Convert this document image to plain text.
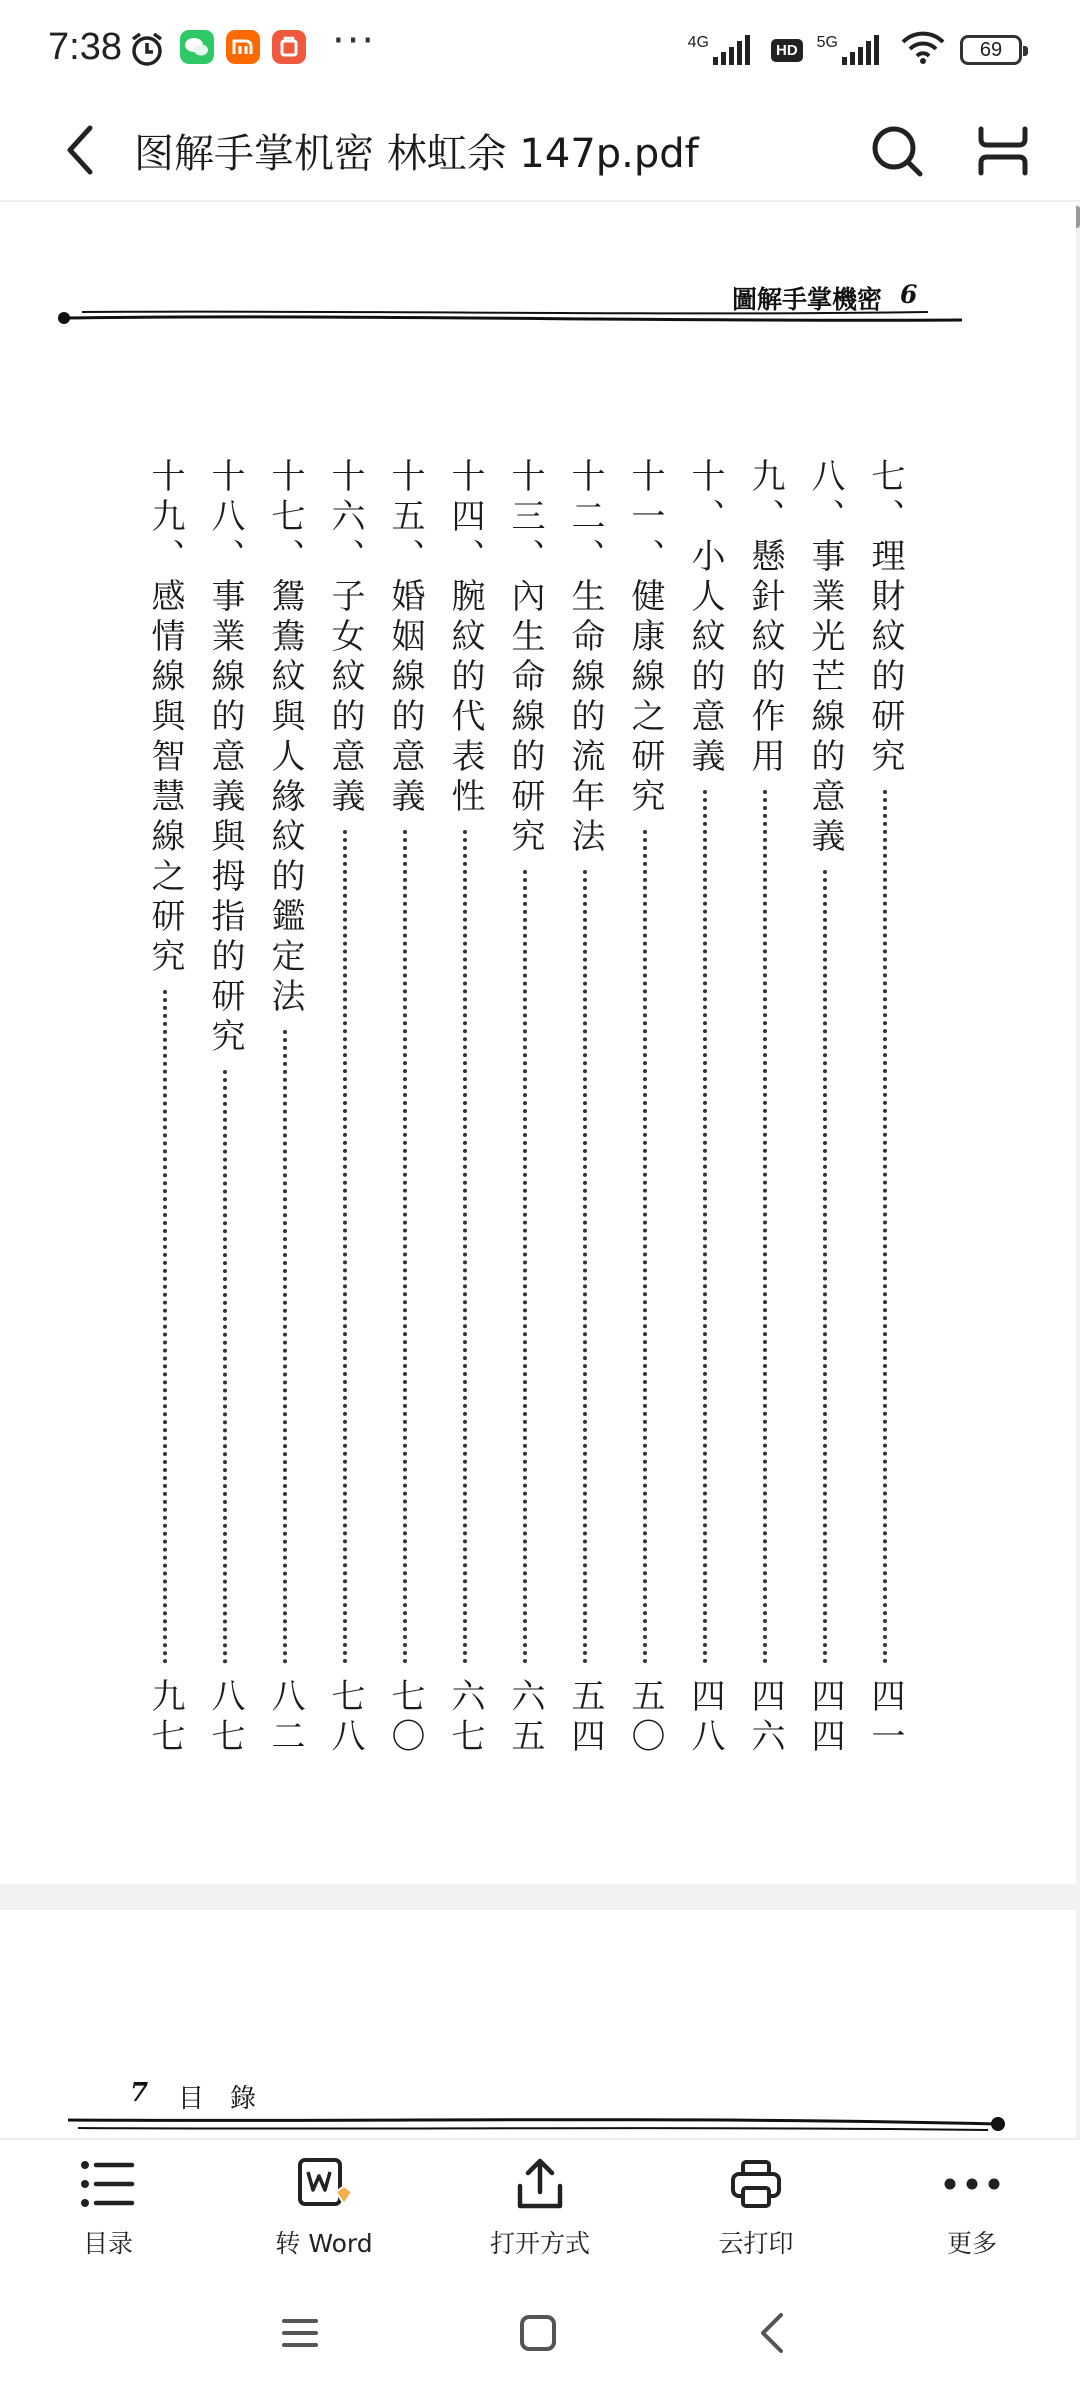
7:38	···	4G	HD	5G	69
图解手掌机密 林虹余 147p.pdf
圖解手掌機密 6
七、理財紋的研究
四一
八、事業光芒線的意義
四四
九、懸針紋的作用
四六
十、小人紋的意義
四八
十一、健康線之研究
五〇
十二、生命線的流年法
五四
十三、內生命線的研究
六五
十四、腕紋的代表性
六七
十五、婚姻線的意義
七〇
十六、子女紋的意義
七八
十七、鴛鴦紋與人緣紋的鑑定法
八二
十八、事業線的意義與拇指的研究
八七
十九、感情線與智慧線之研究
九七
7 目　錄
目录	转 Word	打开方式	云打印	更多
